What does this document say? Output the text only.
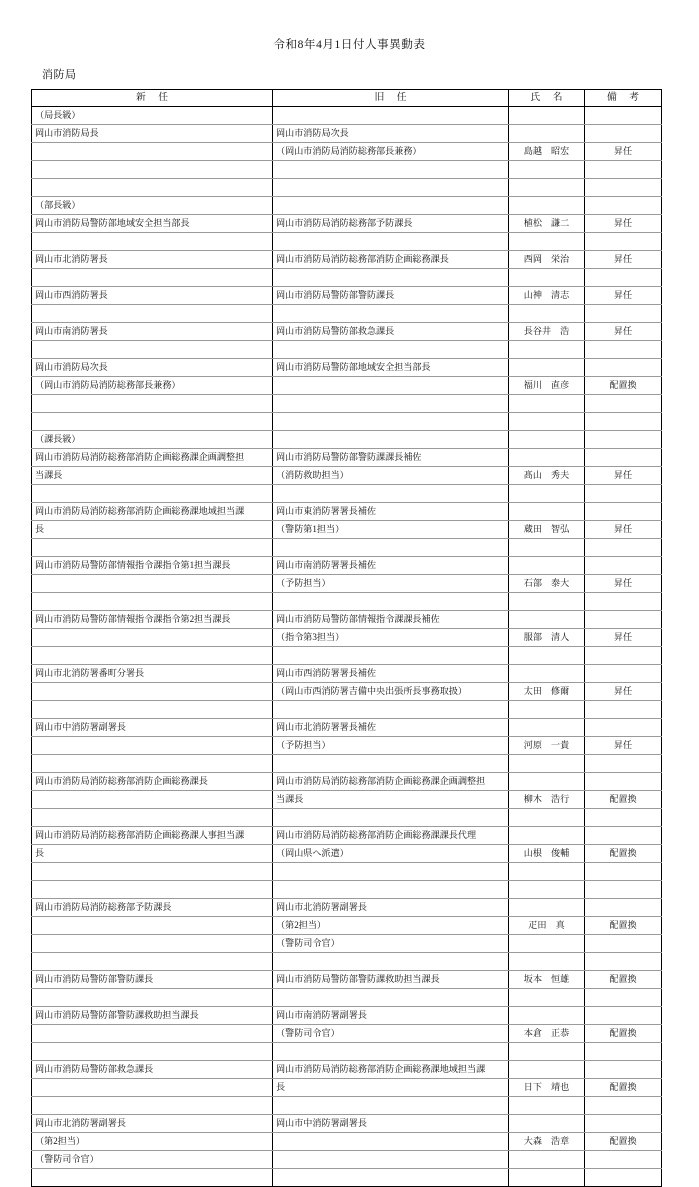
令和8年4月1日付人事異動表
消防局
新 任	旧 任	氏 名	備 考
（局長級）			
岡山市消防局長	岡山市消防局次長		
	（岡山市消防局消防総務部長兼務）	島越　昭宏	昇任

（部長級）			
岡山市消防局警防部地域安全担当部長	岡山市消防局消防総務部予防課長	植松　謙二	昇任

岡山市北消防署長	岡山市消防局消防総務部消防企画総務課長	西岡　栄治	昇任

岡山市西消防署長	岡山市消防局警防部警防課長	山神　清志	昇任

岡山市南消防署長	岡山市消防局警防部救急課長	長谷井　浩	昇任

岡山市消防局次長	岡山市消防局警防部地域安全担当部長		
（岡山市消防局消防総務部長兼務）		福川　直彦	配置換

（課長級）			
岡山市消防局消防総務部消防企画総務課企画調整担	岡山市消防局警防部警防課課長補佐		
当課長	（消防救助担当）	髙山　秀夫	昇任

岡山市消防局消防総務部消防企画総務課地域担当課	岡山市東消防署署長補佐		
長	（警防第1担当）	蔵田　智弘	昇任

岡山市消防局警防部情報指令課指令第1担当課長	岡山市南消防署署長補佐		
	（予防担当）	石部　泰大	昇任

岡山市消防局警防部情報指令課指令第2担当課長	岡山市消防局警防部情報指令課課長補佐		
	（指令第3担当）	服部　清人	昇任

岡山市北消防署番町分署長	岡山市西消防署署長補佐		
	（岡山市西消防署吉備中央出張所長事務取扱）	太田　修爾	昇任

岡山市中消防署副署長	岡山市北消防署署長補佐		
	（予防担当）	河原　一貴	昇任

岡山市消防局消防総務部消防企画総務課長	岡山市消防局消防総務部消防企画総務課企画調整担		
	当課長	柳木　浩行	配置換

岡山市消防局消防総務部消防企画総務課人事担当課	岡山市消防局消防総務部消防企画総務課課長代理		
長	（岡山県へ派遣）	山根　俊輔	配置換

岡山市消防局消防総務部予防課長	岡山市北消防署副署長		
	（第2担当）	疋田　真	配置換
	（警防司令官）		

岡山市消防局警防部警防課長	岡山市消防局警防部警防課救助担当課長	坂本　恒雄	配置換

岡山市消防局警防部警防課救助担当課長	岡山市南消防署副署長		
	（警防司令官）	本倉　正恭	配置換

岡山市消防局警防部救急課長	岡山市消防局消防総務部消防企画総務課地域担当課		
	長	日下　靖也	配置換

岡山市北消防署副署長	岡山市中消防署副署長		
（第2担当）		大森　浩章	配置換
（警防司令官）			
